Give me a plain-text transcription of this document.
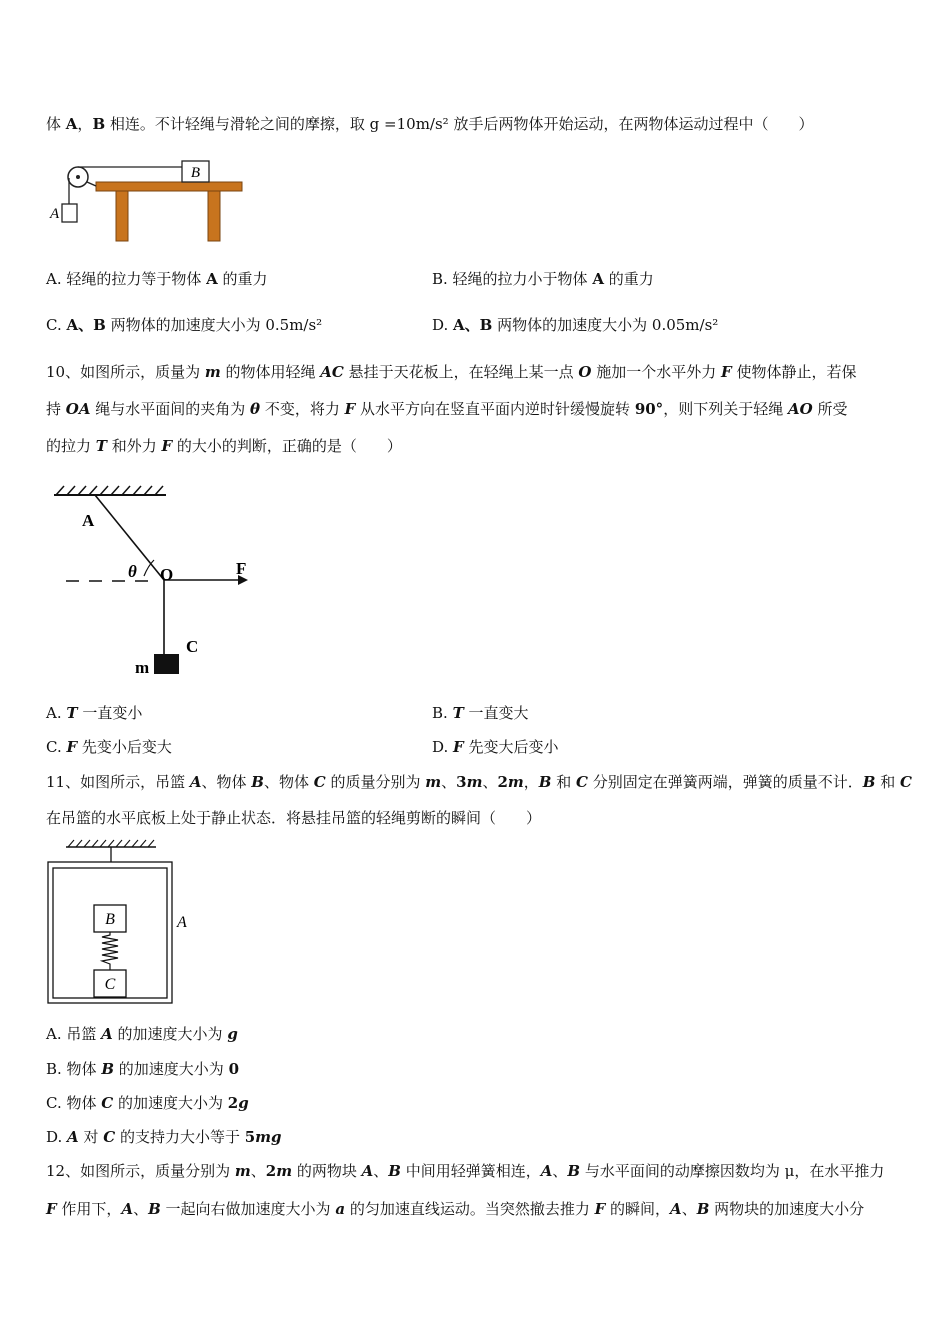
体 A，B 相连。不计轻绳与滑轮之间的摩擦，取 g =10m/s² 放手后两物体开始运动，在两物体运动过程中（　　）
B
A
A. 轻绳的拉力等于物体 A 的重力	B. 轻绳的拉力小于物体 A 的重力
C. A、B 两物体的加速度大小为 0.5m/s²	D. A、B 两物体的加速度大小为 0.05m/s²
10、如图所示，质量为 m 的物体用轻绳 AC 悬挂于天花板上，在轻绳上某一点 O 施加一个水平外力 F 使物体静止，若保
持 OA 绳与水平面间的夹角为 θ 不变，将力 F 从水平方向在竖直平面内逆时针缓慢旋转 90°，则下列关于轻绳 AO 所受
的拉力 T 和外力 F 的大小的判断，正确的是（　　）
A
θ O	F
C
m
A. T 一直变小	B. T 一直变大
C. F 先变小后变大	D. F 先变大后变小
11、如图所示，吊篮 A、物体 B、物体 C 的质量分别为 m、3m、2m，B 和 C 分别固定在弹簧两端，弹簧的质量不计．B 和 C
在吊篮的水平底板上处于静止状态．将悬挂吊篮的轻绳剪断的瞬间（　　）
B
C
A
A. 吊篮 A 的加速度大小为 g
B. 物体 B 的加速度大小为 0
C. 物体 C 的加速度大小为 2g
D. A 对 C 的支持力大小等于 5mg
12、如图所示，质量分别为 m、2m 的两物块 A、B 中间用轻弹簧相连，A、B 与水平面间的动摩擦因数均为 μ，在水平推力
F 作用下，A、B 一起向右做加速度大小为 a 的匀加速直线运动。当突然撤去推力 F 的瞬间，A、B 两物块的加速度大小分
